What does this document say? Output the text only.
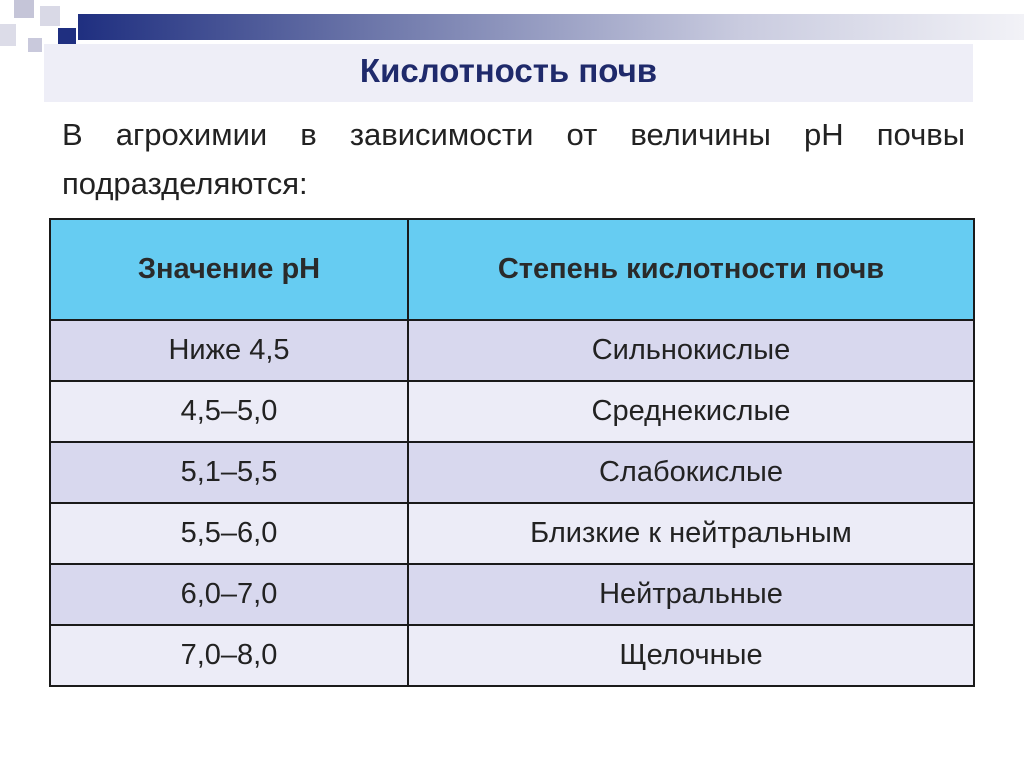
Кислотность почв
В агрохимии в зависимости от величины pH почвы подразделяются:
Значение pH	Степень кислотности почв
Ниже 4,5	Сильнокислые
4,5–5,0	Среднекислые
5,1–5,5	Слабокислые
5,5–6,0	Близкие к нейтральным
6,0–7,0	Нейтральные
7,0–8,0	Щелочные
